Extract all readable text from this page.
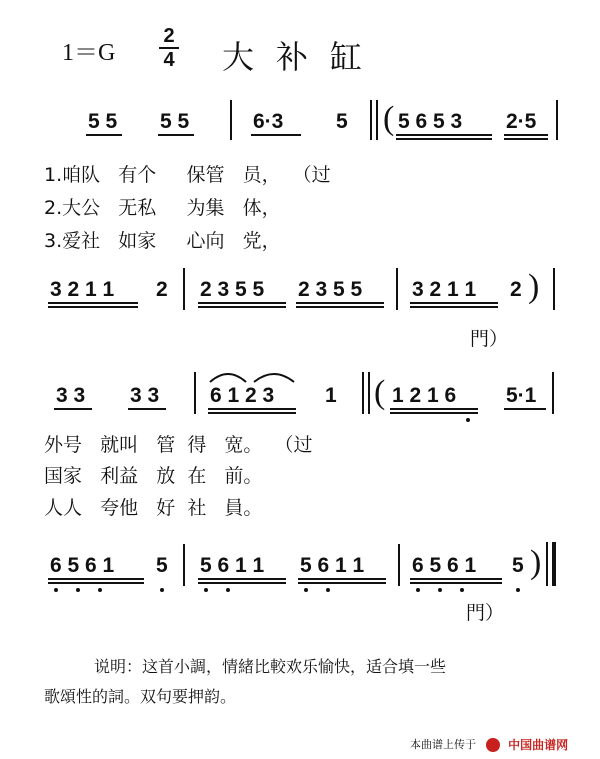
1＝G
2
4 大补缸
5 5 5 5	6·3	5 ( 5 6 5 3 2·5
1.咱队   有个     保管   员，  （过
2.大公   无私     为集   体，
3.爱社   如家     心向   党，
3 2 1 1 2 2 3 5 5 2 3 5 5 3 2 1 1 2 )
門）
3 3 3 3 6 1 2 3 1 ( 1 2 1 6 5·1
外号   就叫   管  得   宽。  （过
国家   利益   放  在   前。
人人   夸他   好  社   員。
6 5 6 1 5 5 6 1 1 5 6 1 1 6 5 6 1 5 )
門）
说明：这首小調，情緒比較欢乐愉快，适合填一些
歌頌性的詞。双句要押韵。
本曲谱上传于	中国曲谱网
